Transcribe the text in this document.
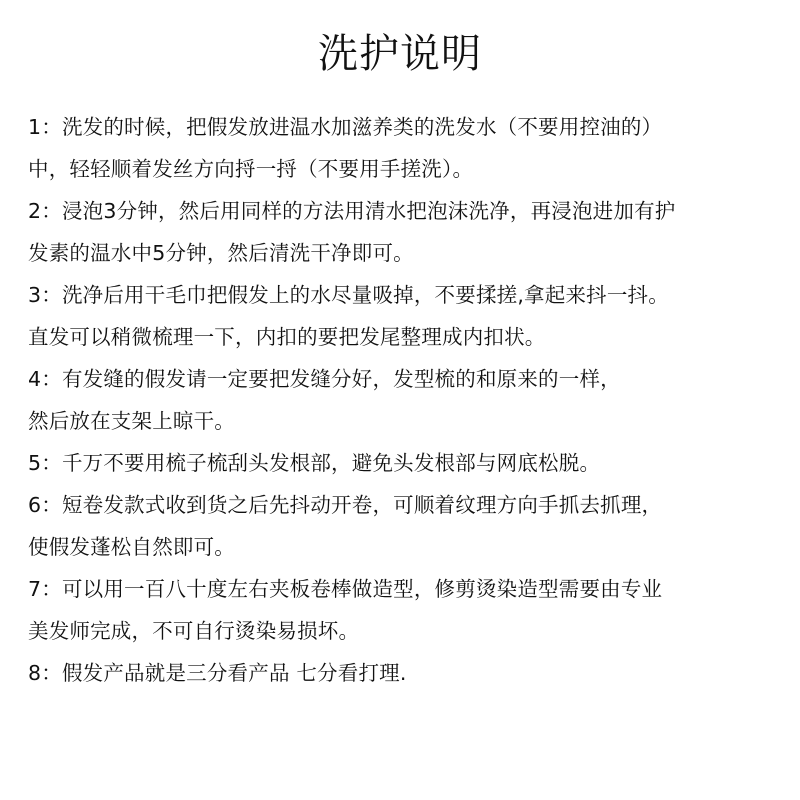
洗护说明
1：洗发的时候，把假发放进温水加滋养类的洗发水（不要用控油的）
中，轻轻顺着发丝方向捋一捋（不要用手搓洗）。
2：浸泡3分钟，然后用同样的方法用清水把泡沫洗净，再浸泡进加有护
发素的温水中5分钟，然后清洗干净即可。
3：洗净后用干毛巾把假发上的水尽量吸掉，不要揉搓,拿起来抖一抖。
直发可以稍微梳理一下，内扣的要把发尾整理成内扣状。
4：有发缝的假发请一定要把发缝分好，发型梳的和原来的一样，
然后放在支架上晾干。
5：千万不要用梳子梳刮头发根部，避免头发根部与网底松脱。
6：短卷发款式收到货之后先抖动开卷，可顺着纹理方向手抓去抓理，
使假发蓬松自然即可。
7：可以用一百八十度左右夹板卷棒做造型，修剪烫染造型需要由专业
美发师完成，不可自行烫染易损坏。
8：假发产品就是三分看产品 七分看打理.
